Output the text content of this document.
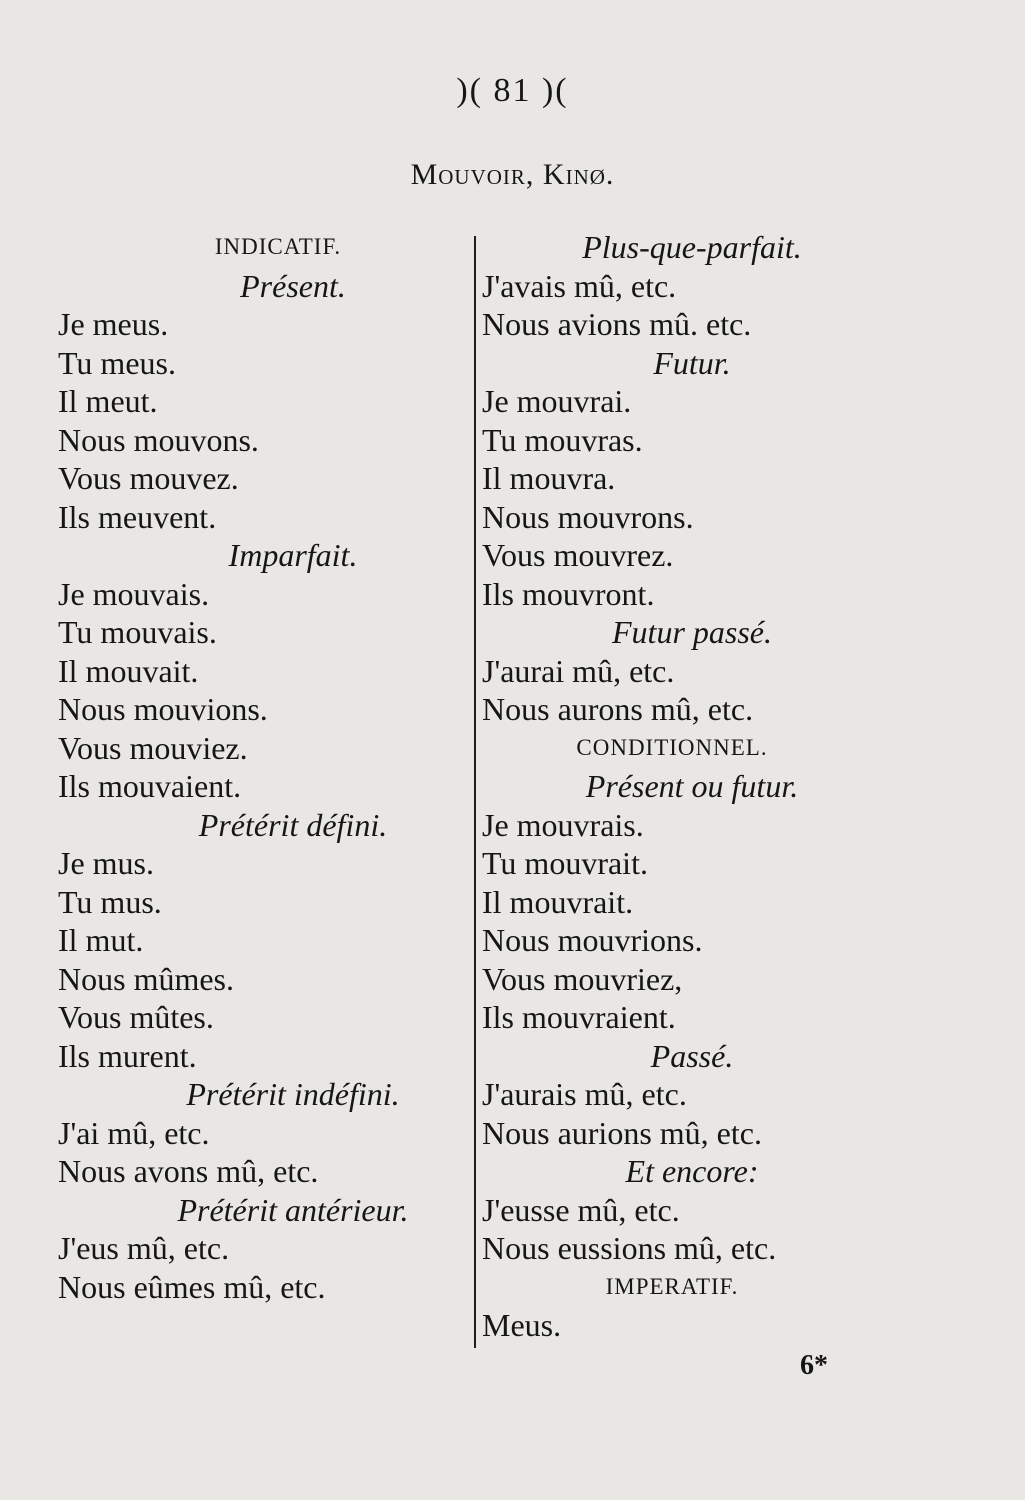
)( 81 )(
Mouvoir, Kinø.
INDICATIF.
Présent.
Je meus.
Tu meus.
Il meut.
Nous mouvons.
Vous mouvez.
Ils meuvent.
Imparfait.
Je mouvais.
Tu mouvais.
Il mouvait.
Nous mouvions.
Vous mouviez.
Ils mouvaient.
Prétérit défini.
Je mus.
Tu mus.
Il mut.
Nous mûmes.
Vous mûtes.
Ils murent.
Prétérit indéfini.
J'ai mû, etc.
Nous avons mû, etc.
Prétérit antérieur.
J'eus mû, etc.
Nous eûmes mû, etc.
Plus-que-parfait.
J'avais mû, etc.
Nous avions mû. etc.
Futur.
Je mouvrai.
Tu mouvras.
Il mouvra.
Nous mouvrons.
Vous mouvrez.
Ils mouvront.
Futur passé.
J'aurai mû, etc.
Nous aurons mû, etc.
CONDITIONNEL.
Présent ou futur.
Je mouvrais.
Tu mouvrait.
Il mouvrait.
Nous mouvrions.
Vous mouvriez,
Ils mouvraient.
Passé.
J'aurais mû, etc.
Nous aurions mû, etc.
Et encore:
J'eusse mû, etc.
Nous eussions mû, etc.
IMPERATIF.
Meus.
6*
